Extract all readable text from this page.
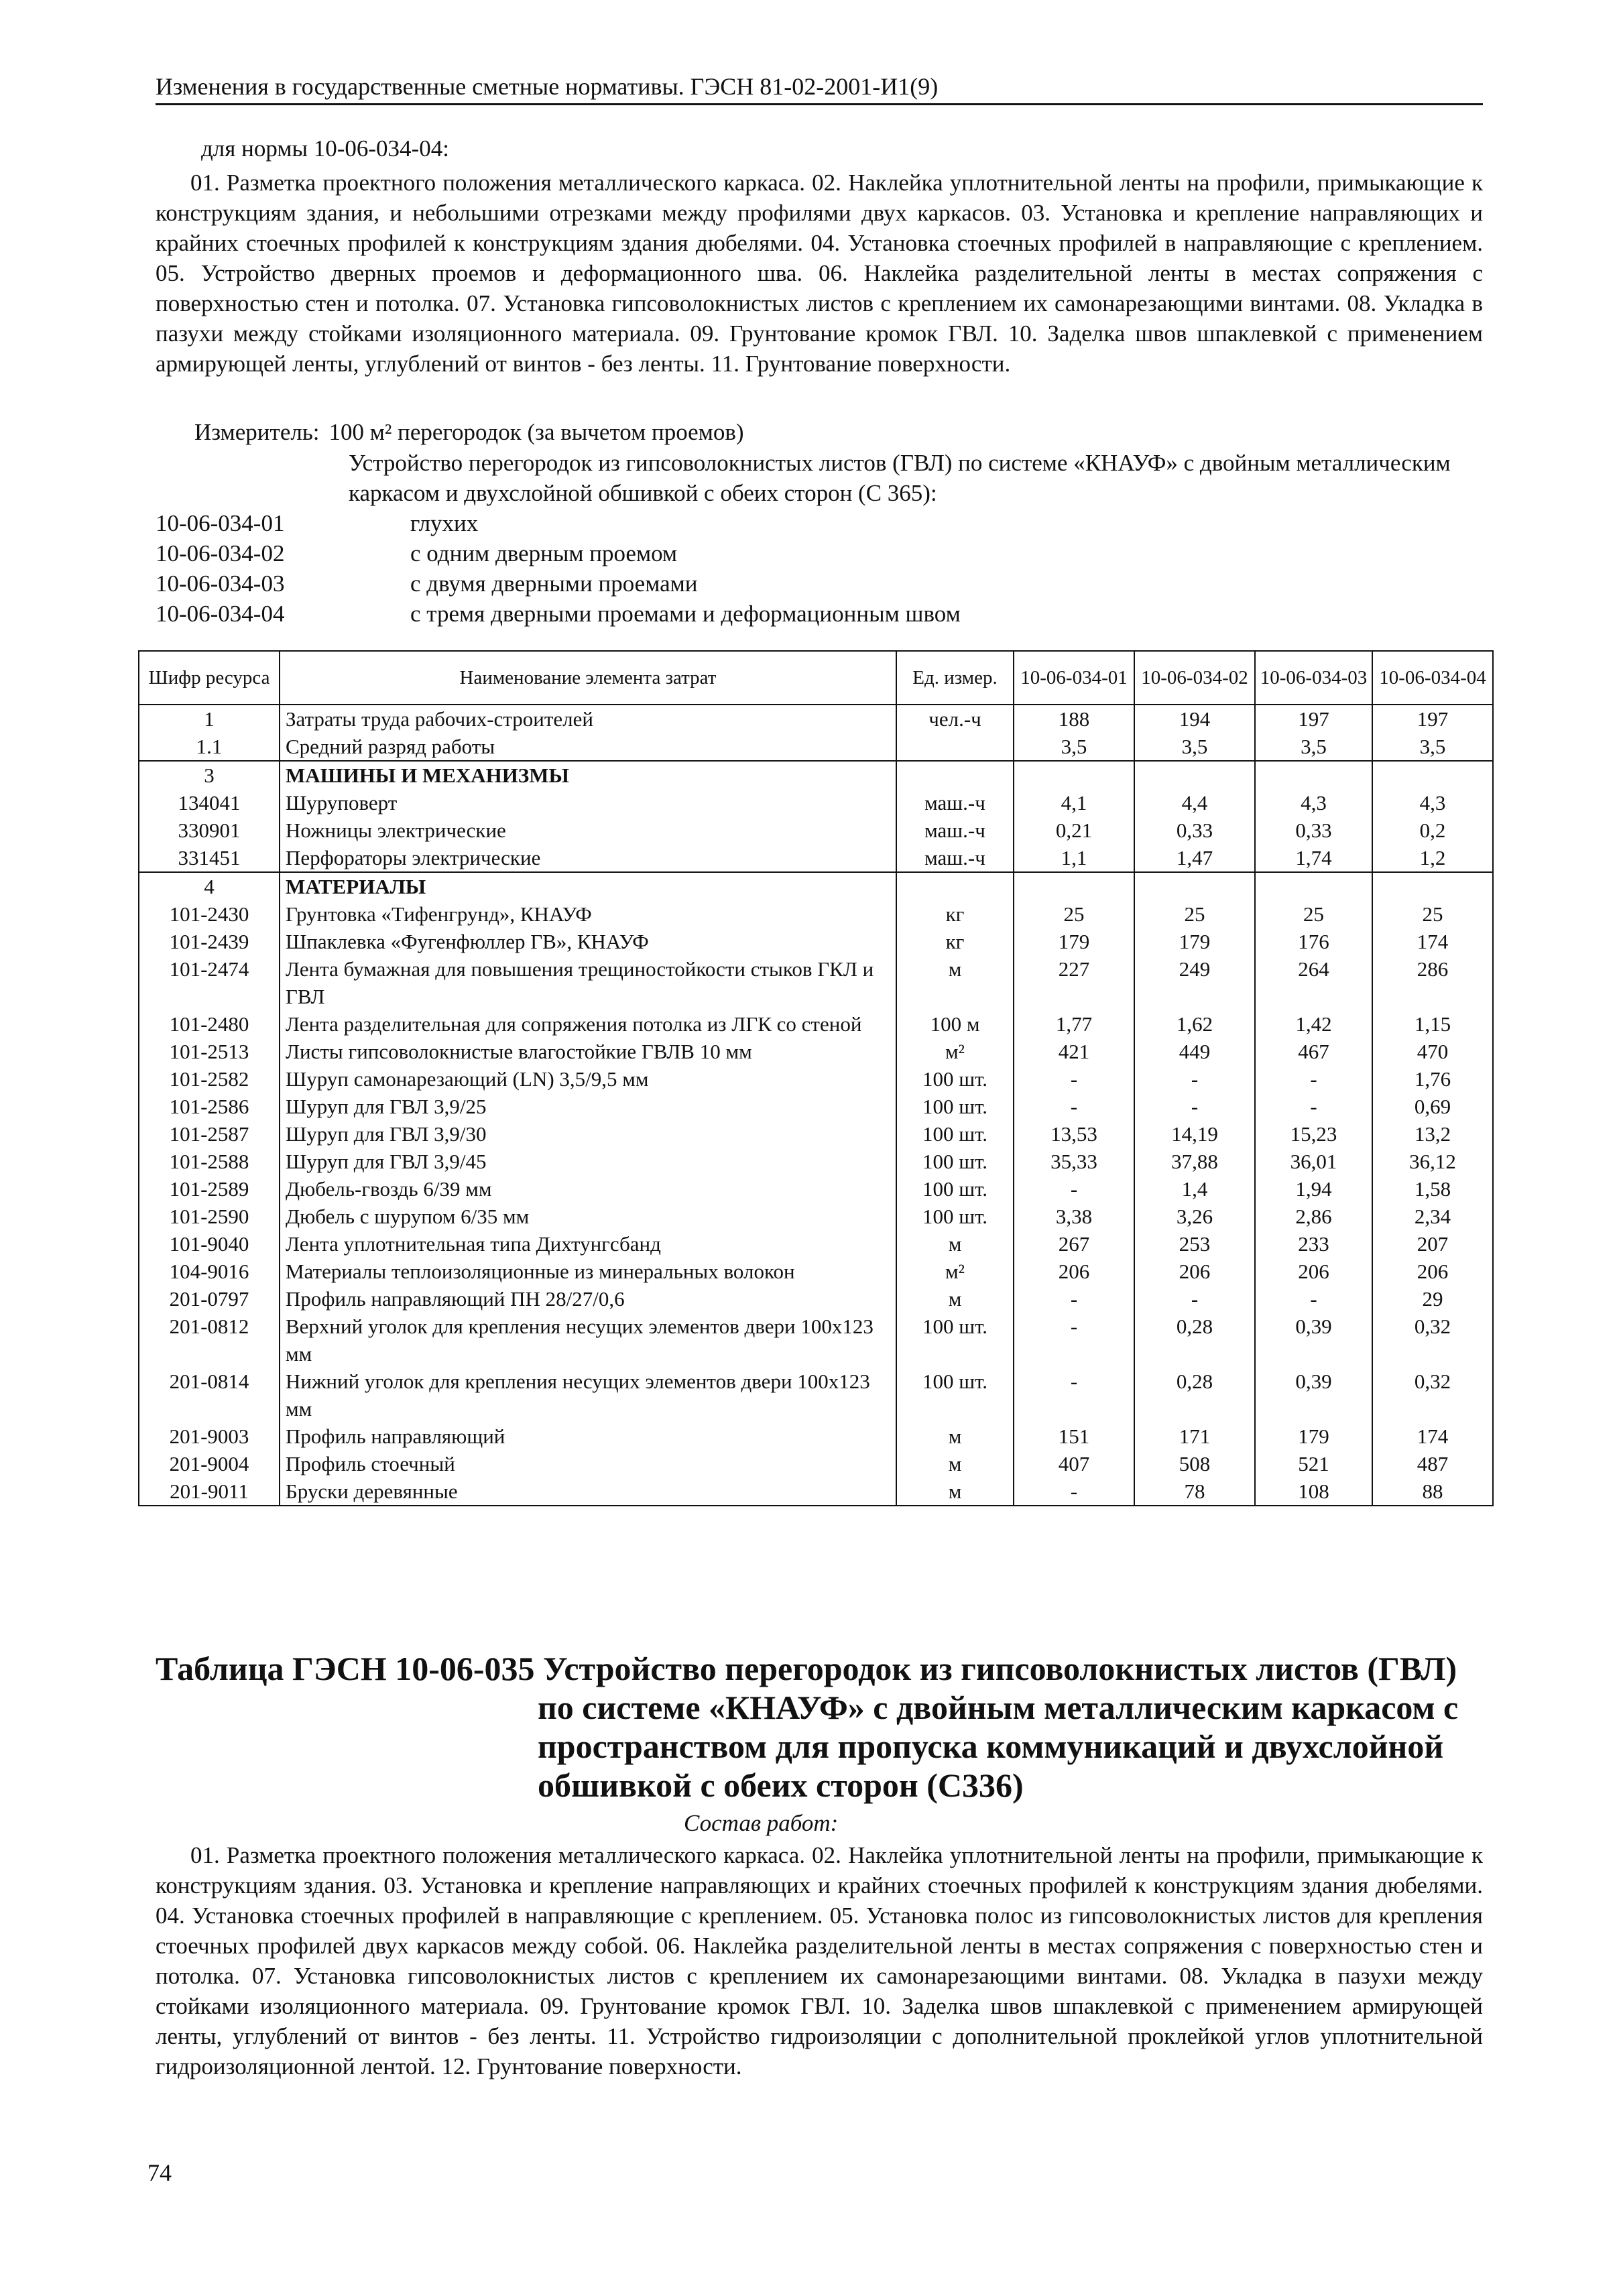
Изменения в государственные сметные нормативы. ГЭСН 81-02-2001-И1(9)
для нормы 10-06-034-04:
01. Разметка проектного положения металлического каркаса. 02. Наклейка уплотнительной ленты на профили, примыкающие к конструкциям здания, и небольшими отрезками между профилями двух каркасов. 03. Установка и крепление направляющих и крайних стоечных профилей к конструкциям здания дюбелями. 04. Установка стоечных профилей в направляющие с креплением. 05. Устройство дверных проемов и деформационного шва. 06. Наклейка разделительной ленты в местах сопряжения с поверхностью стен и потолка. 07. Установка гипсоволокнистых листов с креплением их самонарезающими винтами. 08. Укладка в пазухи между стойками изоляционного материала. 09. Грунтование кромок ГВЛ. 10. Заделка швов шпаклевкой с применением армирующей ленты, углублений от винтов - без ленты. 11. Грунтование поверхности.
Измеритель: 100 м² перегородок (за вычетом проемов)
Устройство перегородок из гипсоволокнистых листов (ГВЛ) по системе «КНАУФ» с двойным металлическим каркасом и двухслойной обшивкой с обеих сторон (С 365):
10-06-034-01	глухих
10-06-034-02	с одним дверным проемом
10-06-034-03	с двумя дверными проемами
10-06-034-04	с тремя дверными проемами и деформационным швом
Шифр ресурса	Наименование элемента затрат	Ед. измер.	10-06-034-01	10-06-034-02	10-06-034-03	10-06-034-04
1	Затраты труда рабочих-строителей	чел.-ч	188	194	197	197
1.1	Средний разряд работы		3,5	3,5	3,5	3,5
3	МАШИНЫ И МЕХАНИЗМЫ					
134041	Шуруповерт	маш.-ч	4,1	4,4	4,3	4,3
330901	Ножницы электрические	маш.-ч	0,21	0,33	0,33	0,2
331451	Перфораторы электрические	маш.-ч	1,1	1,47	1,74	1,2
4	МАТЕРИАЛЫ					
101-2430	Грунтовка «Тифенгрунд», КНАУФ	кг	25	25	25	25
101-2439	Шпаклевка «Фугенфюллер ГВ», КНАУФ	кг	179	179	176	174
101-2474	Лента бумажная для повышения трещиностойкости стыков ГКЛ и ГВЛ	м	227	249	264	286
101-2480	Лента разделительная для сопряжения потолка из ЛГК со стеной	100 м	1,77	1,62	1,42	1,15
101-2513	Листы гипсоволокнистые влагостойкие ГВЛВ 10 мм	м²	421	449	467	470
101-2582	Шуруп самонарезающий (LN) 3,5/9,5 мм	100 шт.	-	-	-	1,76
101-2586	Шуруп для ГВЛ 3,9/25	100 шт.	-	-	-	0,69
101-2587	Шуруп для ГВЛ 3,9/30	100 шт.	13,53	14,19	15,23	13,2
101-2588	Шуруп для ГВЛ 3,9/45	100 шт.	35,33	37,88	36,01	36,12
101-2589	Дюбель-гвоздь 6/39 мм	100 шт.	-	1,4	1,94	1,58
101-2590	Дюбель с шурупом 6/35 мм	100 шт.	3,38	3,26	2,86	2,34
101-9040	Лента уплотнительная типа Дихтунгсбанд	м	267	253	233	207
104-9016	Материалы теплоизоляционные из минеральных волокон	м²	206	206	206	206
201-0797	Профиль направляющий ПН 28/27/0,6	м	-	-	-	29
201-0812	Верхний уголок для крепления несущих элементов двери 100х123 мм	100 шт.	-	0,28	0,39	0,32
201-0814	Нижний уголок для крепления несущих элементов двери 100х123 мм	100 шт.	-	0,28	0,39	0,32
201-9003	Профиль направляющий	м	151	171	179	174
201-9004	Профиль стоечный	м	407	508	521	487
201-9011	Бруски деревянные	м	-	78	108	88
Таблица ГЭСН 10-06-035 Устройство перегородок из гипсоволокнистых листов (ГВЛ)
по системе «КНАУФ» с двойным металлическим каркасом с пространством для пропуска коммуникаций и двухслойной обшивкой с обеих сторон (С336)
Состав работ:
01. Разметка проектного положения металлического каркаса. 02. Наклейка уплотнительной ленты на профили, примыкающие к конструкциям здания. 03. Установка и крепление направляющих и крайних стоечных профилей к конструкциям здания дюбелями. 04. Установка стоечных профилей в направляющие с креплением. 05. Установка полос из гипсоволокнистых листов для крепления стоечных профилей двух каркасов между собой. 06. Наклейка разделительной ленты в местах сопряжения с поверхностью стен и потолка. 07. Установка гипсоволокнистых листов с креплением их самонарезающими винтами. 08. Укладка в пазухи между стойками изоляционного материала. 09. Грунтование кромок ГВЛ. 10. Заделка швов шпаклевкой с применением армирующей ленты, углублений от винтов - без ленты. 11. Устройство гидроизоляции с дополнительной проклейкой углов уплотнительной гидроизоляционной лентой. 12. Грунтование поверхности.
74
